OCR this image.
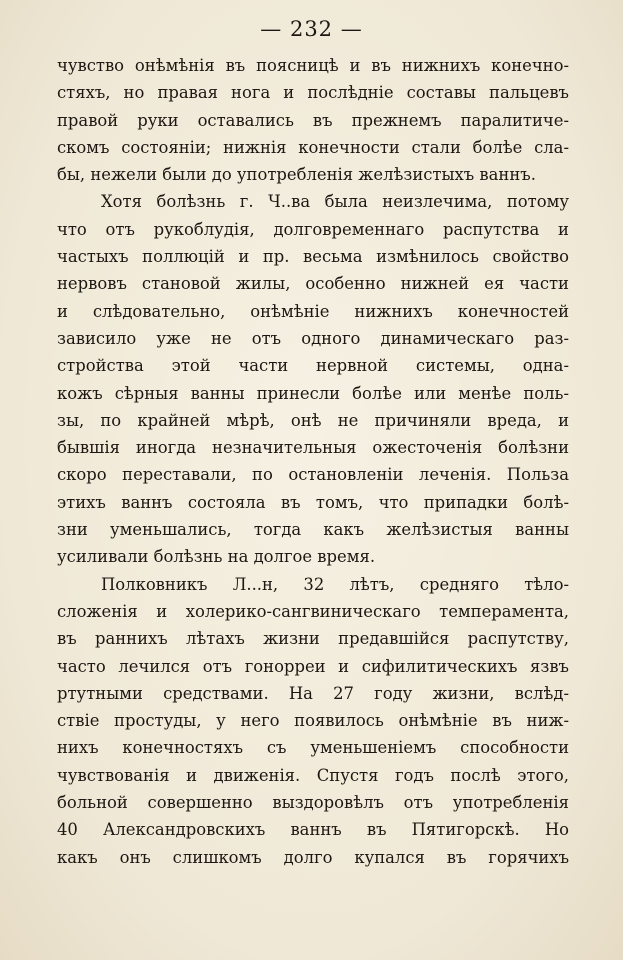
— 232 —
чувство онѣмѣнія въ поясницѣ и въ нижнихъ конечно-
стяхъ, но правая нога и послѣдніе составы пальцевъ
правой руки оставались въ прежнемъ паралитиче-
скомъ состояніи; нижнія конечности стали болѣе сла-
бы, нежели были до употребленія желѣзистыхъ ваннъ.
Хотя болѣзнь г. Ч..ва была неизлечима, потому
что отъ рукоблудія, долговременнаго распутства и
частыхъ поллюцій и пр. весьма измѣнилось свойство
нервовъ становой жилы, особенно нижней ея части
и слѣдовательно, онѣмѣніе нижнихъ конечностей
зависило уже не отъ одного динамическаго раз-
стройства этой части нервной системы, одна-
кожъ сѣрныя ванны принесли болѣе или менѣе поль-
зы, по крайней мѣрѣ, онѣ не причиняли вреда, и
бывшія иногда незначительныя ожесточенія болѣзни
скоро переставали, по остановленіи леченія. Польза
этихъ ваннъ состояла въ томъ, что припадки болѣ-
зни уменьшались, тогда какъ желѣзистыя ванны
усиливали болѣзнь на долгое время.
Полковникъ Л...н, 32 лѣтъ, средняго тѣло-
сложенія и холерико-сангвиническаго темперамента,
въ раннихъ лѣтахъ жизни предавшійся распутству,
часто лечился отъ гонорреи и сифилитическихъ язвъ
ртутными средствами. На 27 году жизни, вслѣд-
ствіе простуды, у него появилось онѣмѣніе въ ниж-
нихъ конечностяхъ съ уменьшеніемъ способности
чувствованія и движенія. Спустя годъ послѣ этого,
больной совершенно выздоровѣлъ отъ употребленія
40 Александровскихъ ваннъ въ Пятигорскѣ. Но
какъ онъ слишкомъ долго купался въ горячихъ
